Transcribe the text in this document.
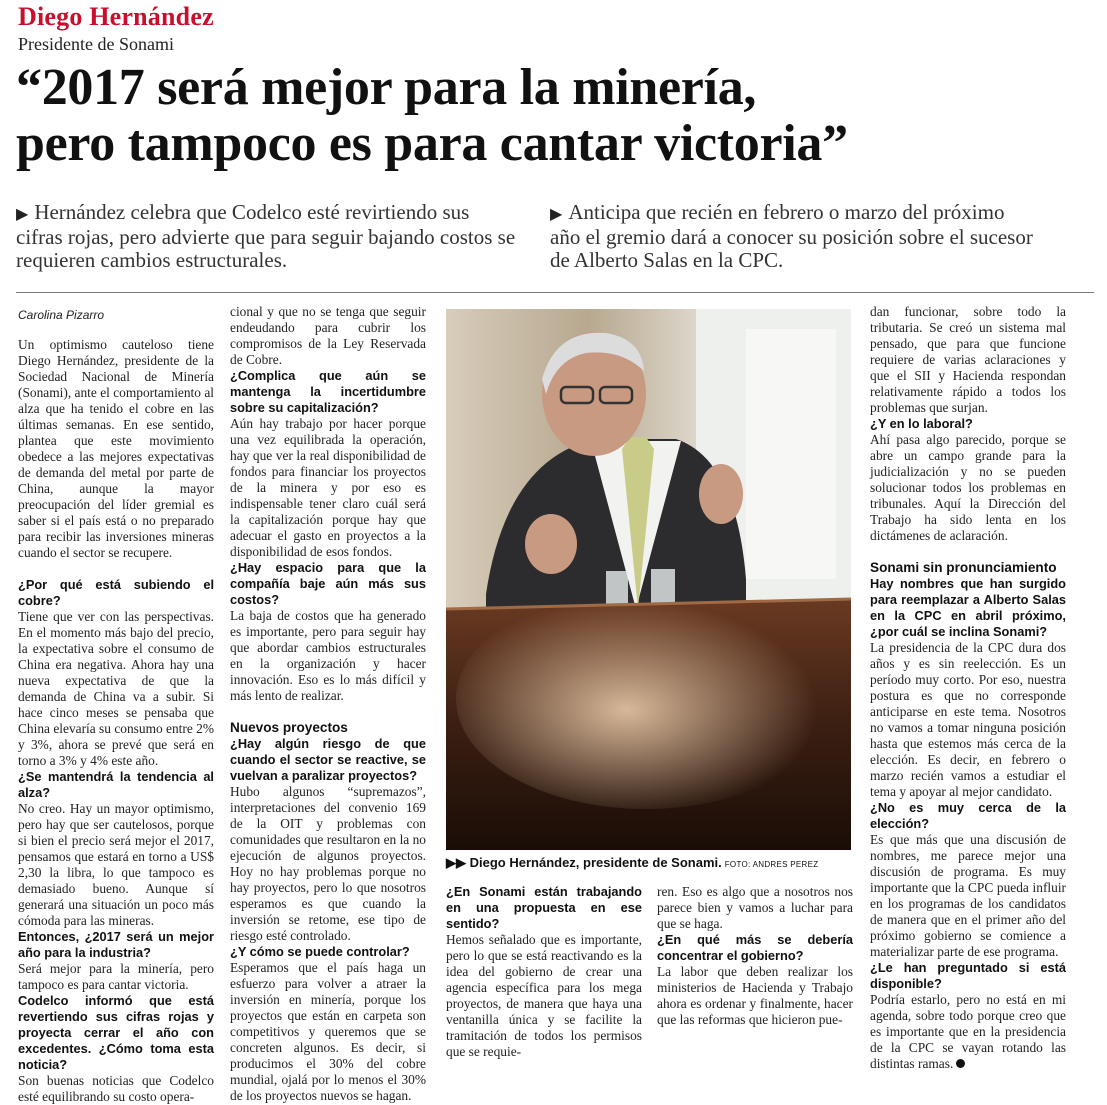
Diego Hernández
Presidente de Sonami
“2017 será mejor para la minería,
pero tampoco es para cantar victoria”
▶ Hernández celebra que Codelco esté revirtiendo sus cifras rojas, pero advierte que para seguir bajando costos se requieren cambios estructurales.
▶ Anticipa que recién en febrero o marzo del próximo año el gremio dará a conocer su posición sobre el sucesor de Alberto Salas en la CPC.
Carolina Pizarro

Un optimismo cauteloso tiene Diego Hernández, presidente de la Sociedad Nacional de Minería (Sonami), ante el comportamiento al alza que ha tenido el cobre en las últimas semanas. En ese sentido, plantea que este movimiento obedece a las mejores expectativas de demanda del metal por parte de China, aunque la mayor preocupación del líder gremial es saber si el país está o no preparado para recibir las inversiones mineras cuando el sector se recupere.

¿Por qué está subiendo el cobre?

Tiene que ver con las perspectivas. En el momento más bajo del precio, la expectativa sobre el consumo de China era negativa. Ahora hay una nueva expectativa de que la demanda de China va a subir. Si hace cinco meses se pensaba que China elevaría su consumo entre 2% y 3%, ahora se prevé que será en torno a 3% y 4% este año.

¿Se mantendrá la tendencia al alza?

No creo. Hay un mayor optimismo, pero hay que ser cautelosos, porque si bien el precio será mejor el 2017, pensamos que estará en torno a US$ 2,30 la libra, lo que tampoco es demasiado bueno. Aunque sí generará una situación un poco más cómoda para las mineras.

Entonces, ¿2017 será un mejor año para la industria?

Será mejor para la minería, pero tampoco es para cantar victoria.

Codelco informó que está revertiendo sus cifras rojas y proyecta cerrar el año con excedentes. ¿Cómo toma esta noticia?

Son buenas noticias que Codelco esté equilibrando su costo opera-

cional y que no se tenga que seguir endeudando para cubrir los compromisos de la Ley Reservada de Cobre.

¿Complica que aún se mantenga la incertidumbre sobre su capitalización?

Aún hay trabajo por hacer porque una vez equilibrada la operación, hay que ver la real disponibilidad de fondos para financiar los proyectos de la minera y por eso es indispensable tener claro cuál será la capitalización porque hay que adecuar el gasto en proyectos a la disponibilidad de esos fondos.

¿Hay espacio para que la compañía baje aún más sus costos?

La baja de costos que ha generado es importante, pero para seguir hay que abordar cambios estructurales en la organización y hacer innovación. Eso es lo más difícil y más lento de realizar.

Nuevos proyectos

¿Hay algún riesgo de que cuando el sector se reactive, se vuelvan a paralizar proyectos?

Hubo algunos “supremazos”, interpretaciones del convenio 169 de la OIT y problemas con comunidades que resultaron en la no ejecución de algunos proyectos. Hoy no hay problemas porque no hay proyectos, pero lo que nosotros esperamos es que cuando la inversión se retome, ese tipo de riesgo esté controlado.

¿Y cómo se puede controlar?

Esperamos que el país haga un esfuerzo para volver a atraer la inversión en minería, porque los proyectos que están en carpeta son competitivos y queremos que se concreten algunos. Es decir, si producimos el 30% del cobre mundial, ojalá por lo menos el 30% de los proyectos nuevos se hagan.

▶▶ Diego Hernández, presidente de Sonami. FOTO: ANDRES PEREZ

¿En Sonami están trabajando en una propuesta en ese sentido?

Hemos señalado que es importante, pero lo que se está reactivando es la idea del gobierno de crear una agencia específica para los mega proyectos, de manera que haya una ventanilla única y se facilite la tramitación de todos los permisos que se requie-

ren. Eso es algo que a nosotros nos parece bien y vamos a luchar para que se haga.

¿En qué más se debería concentrar el gobierno?

La labor que deben realizar los ministerios de Hacienda y Trabajo ahora es ordenar y finalmente, hacer que las reformas que hicieron pue-

dan funcionar, sobre todo la tributaria. Se creó un sistema mal pensado, que para que funcione requiere de varias aclaraciones y que el SII y Hacienda respondan relativamente rápido a todos los problemas que surjan.

¿Y en lo laboral?

Ahí pasa algo parecido, porque se abre un campo grande para la judicialización y no se pueden solucionar todos los problemas en tribunales. Aquí la Dirección del Trabajo ha sido lenta en los dictámenes de aclaración.

Sonami sin pronunciamiento

Hay nombres que han surgido para reemplazar a Alberto Salas en la CPC en abril próximo, ¿por cuál se inclina Sonami?

La presidencia de la CPC dura dos años y es sin reelección. Es un período muy corto. Por eso, nuestra postura es que no corresponde anticiparse en este tema. Nosotros no vamos a tomar ninguna posición hasta que estemos más cerca de la elección. Es decir, en febrero o marzo recién vamos a estudiar el tema y apoyar al mejor candidato.

¿No es muy cerca de la elección?

Es que más que una discusión de nombres, me parece mejor una discusión de programa. Es muy importante que la CPC pueda influir en los programas de los candidatos de manera que en el primer año del próximo gobierno se comience a materializar parte de ese programa.

¿Le han preguntado si está disponible?

Podría estarlo, pero no está en mi agenda, sobre todo porque creo que es importante que en la presidencia de la CPC se vayan rotando las distintas ramas.
